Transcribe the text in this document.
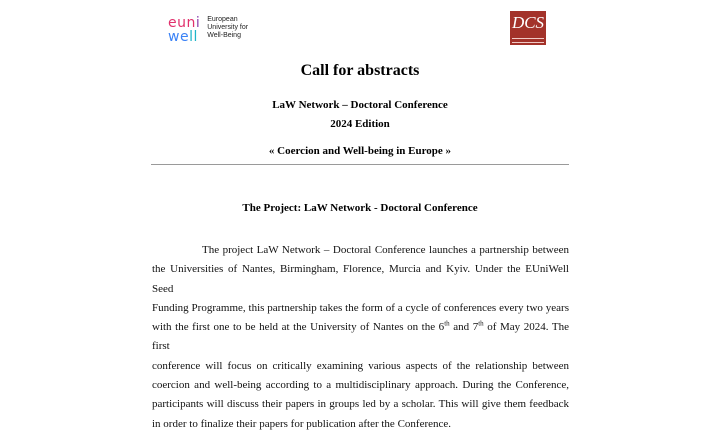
euni
well
European
University for
Well-Being
DCS
Call for abstracts
LaW Network – Doctoral Conference
2024 Edition
« Coercion and Well-being in Europe »
The Project: LaW Network - Doctoral Conference
The project LaW Network – Doctoral Conference launches a partnership between
the Universities of Nantes, Birmingham, Florence, Murcia and Kyiv. Under the EUniWell Seed
Funding Programme, this partnership takes the form of a cycle of conferences every two years
with the first one to be held at the University of Nantes on the 6th and 7th of May 2024. The first
conference will focus on critically examining various aspects of the relationship between
coercion and well-being according to a multidisciplinary approach. During the Conference,
participants will discuss their papers in groups led by a scholar. This will give them feedback
in order to finalize their papers for publication after the Conference.
